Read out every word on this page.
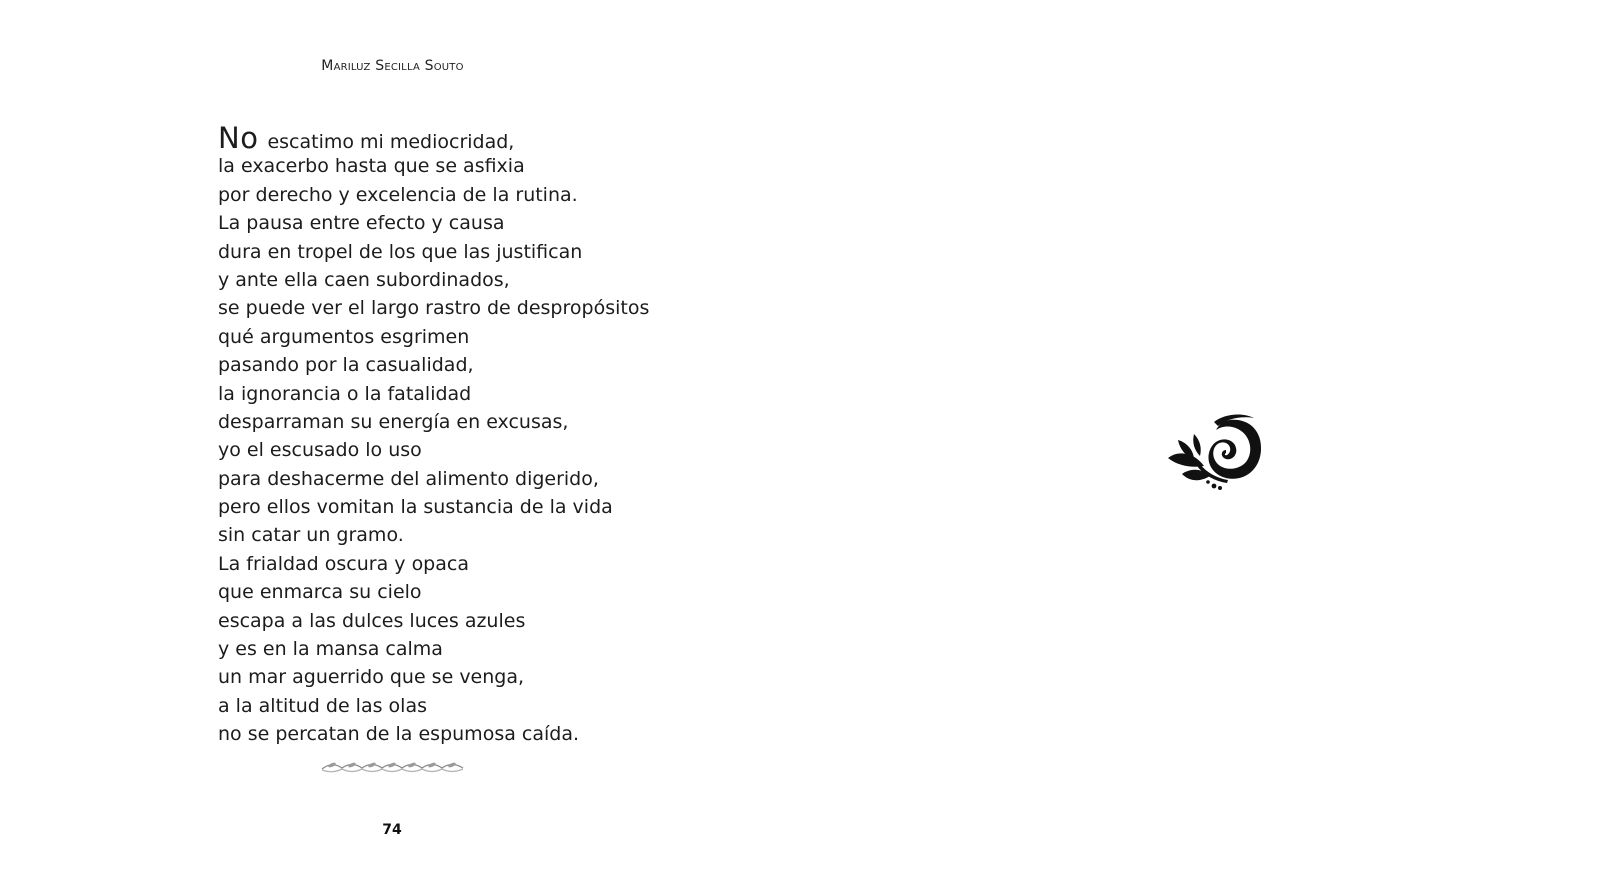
Mariluz Secilla Souto
No escatimo mi mediocridad,
la exacerbo hasta que se asfixia
por derecho y excelencia de la rutina.
La pausa entre efecto y causa
dura en tropel de los que las justifican
y ante ella caen subordinados,
se puede ver el largo rastro de despropósitos
qué argumentos esgrimen
pasando por la casualidad,
la ignorancia o la fatalidad
desparraman su energía en excusas,
yo el escusado lo uso
para deshacerme del alimento digerido,
pero ellos vomitan la sustancia de la vida
sin catar un gramo.
La frialdad oscura y opaca
que enmarca su cielo
escapa a las dulces luces azules
y es en la mansa calma
un mar aguerrido que se venga,
a la altitud de las olas
no se percatan de la espumosa caída.
74
